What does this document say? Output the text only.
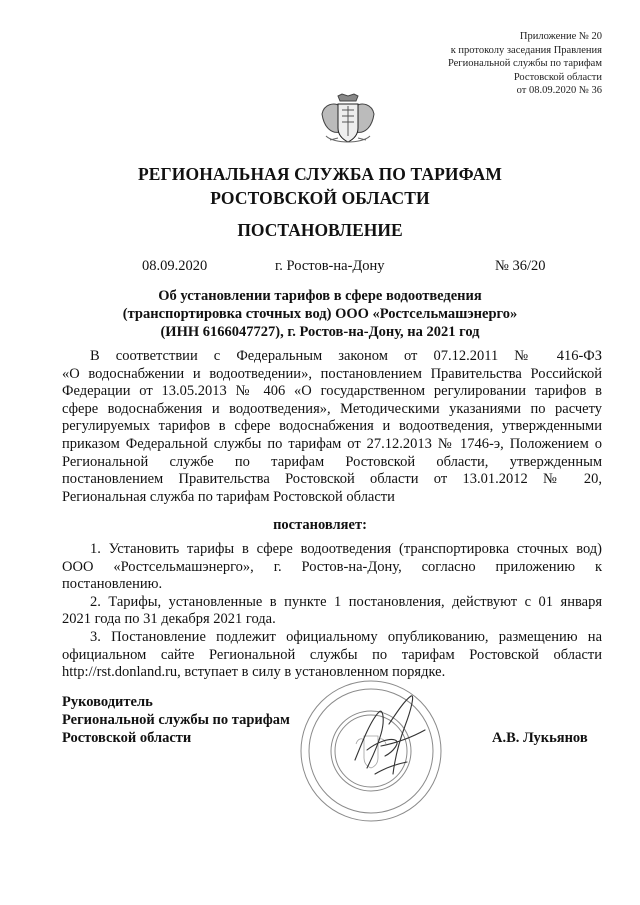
Приложение № 20
к протоколу заседания Правления
Региональной службы по тарифам
Ростовской области
от 08.09.2020 № 36
РЕГИОНАЛЬНАЯ СЛУЖБА ПО ТАРИФАМ
РОСТОВСКОЙ ОБЛАСТИ
ПОСТАНОВЛЕНИЕ
08.09.2020	г. Ростов-на-Дону	№ 36/20
Об установлении тарифов в сфере водоотведения
(транспортировка сточных вод) ООО «Ростсельмашэнерго»
(ИНН 6166047727), г. Ростов-на-Дону, на 2021 год
В соответствии с Федеральным законом от 07.12.2011 № 416-ФЗ
«О водоснабжении и водоотведении», постановлением Правительства Российской
Федерации от 13.05.2013 № 406 «О государственном регулировании тарифов в
сфере водоснабжения и водоотведения», Методическими указаниями по расчету
регулируемых тарифов в сфере водоснабжения и водоотведения, утвержденными
приказом Федеральной службы по тарифам от 27.12.2013 № 1746-э, Положением о
Региональной службе по тарифам Ростовской области, утвержденным
постановлением Правительства Ростовской области от 13.01.2012 № 20,
Региональная служба по тарифам Ростовской области
постановляет:
1. Установить тарифы в сфере водоотведения (транспортировка сточных вод)
ООО «Ростсельмашэнерго», г. Ростов-на-Дону, согласно приложению к
постановлению.
2. Тарифы, установленные в пункте 1 постановления, действуют с 01 января
2021 года по 31 декабря 2021 года.
3. Постановление подлежит официальному опубликованию, размещению на
официальном сайте Региональной службы по тарифам Ростовской области
http://rst.donland.ru, вступает в силу в установленном порядке.
Руководитель
Региональной службы по тарифам
Ростовской области	А.В. Лукьянов
